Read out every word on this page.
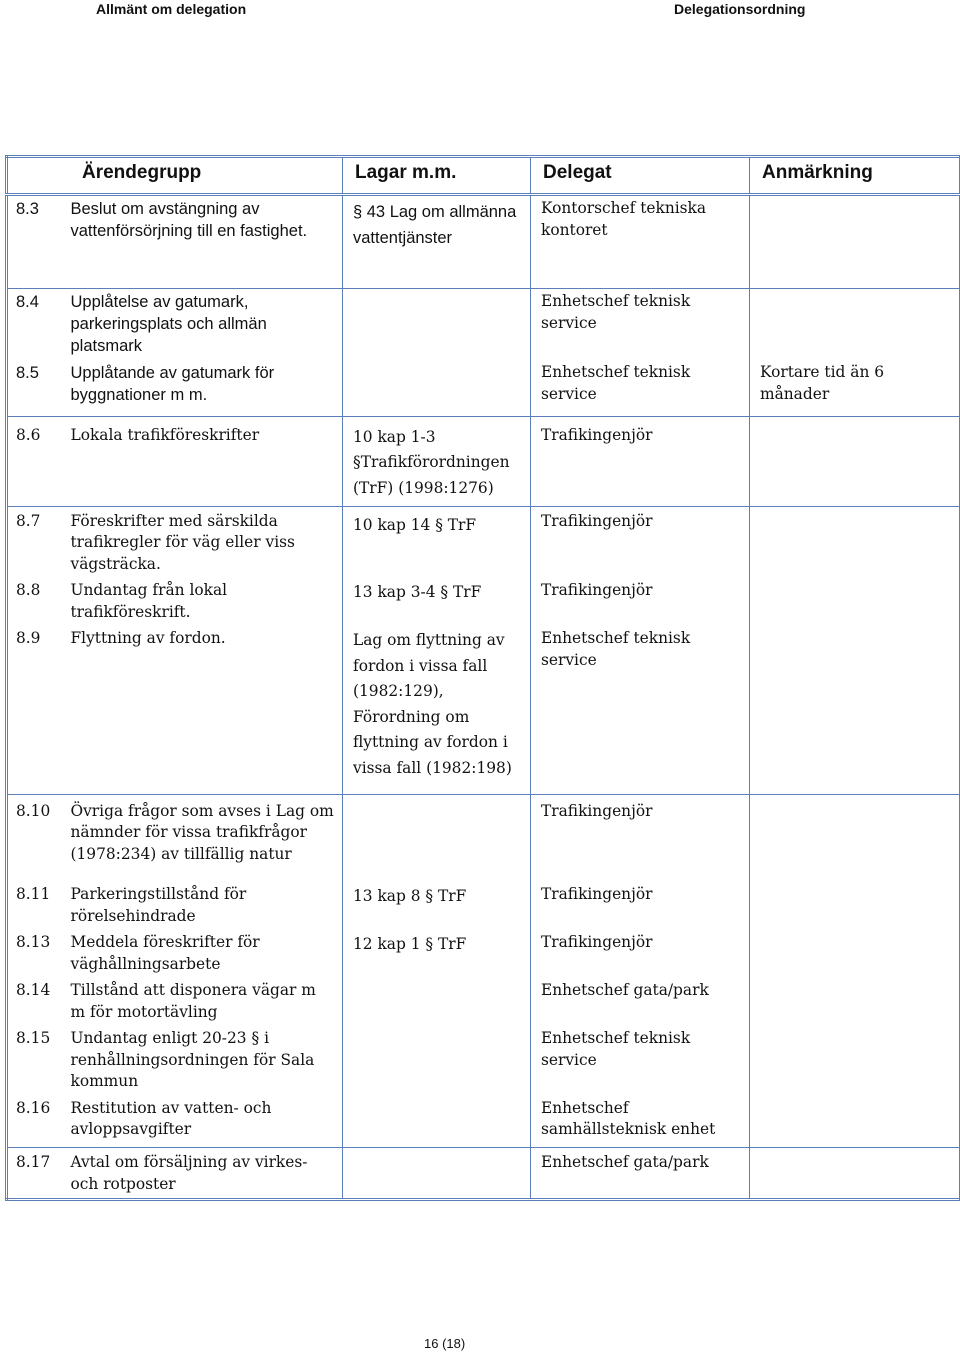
Allmänt om delegation	Delegationsordning
Ärendegrupp		Lagar m.m.	Delegat	Anmärkning
8.3	Beslut om avstängning av vattenförsörjning till en fastighet.	§ 43 Lag om allmänna vattentjänster	Kontorschef tekniska kontoret	
8.4	Upplåtelse av gatumark, parkeringsplats och allmän platsmark		Enhetschef teknisk service	
8.5	Upplåtande av gatumark för byggnationer m m.		Enhetschef teknisk service	Kortare tid än 6 månader
8.6	Lokala trafikföreskrifter	10 kap 1-3 §Trafikförordningen (TrF) (1998:1276)	Trafikingenjör	
8.7	Föreskrifter med särskilda trafikregler för väg eller viss vägsträcka.	10 kap 14 § TrF	Trafikingenjör	
8.8	Undantag från lokal trafikföreskrift.	13 kap 3-4 § TrF	Trafikingenjör	
8.9	Flyttning av fordon.	Lag om flyttning av fordon i vissa fall (1982:129), Förordning om flyttning av fordon i vissa fall (1982:198)	Enhetschef teknisk service	
8.10	Övriga frågor som avses i Lag om nämnder för vissa trafikfrågor (1978:234) av tillfällig natur		Trafikingenjör	
8.11	Parkeringstillstånd för rörelsehindrade	13 kap 8 § TrF	Trafikingenjör	
8.13	Meddela föreskrifter för väghållningsarbete	12 kap 1 § TrF	Trafikingenjör	
8.14	Tillstånd att disponera vägar m m för motortävling		Enhetschef gata/park	
8.15	Undantag enligt 20-23 § i renhållningsordningen för Sala kommun		Enhetschef teknisk service	
8.16	Restitution av vatten- och avloppsavgifter		Enhetschef samhällsteknisk enhet	
8.17	Avtal om försäljning av virkes- och rotposter		Enhetschef gata/park	
16 (18)
